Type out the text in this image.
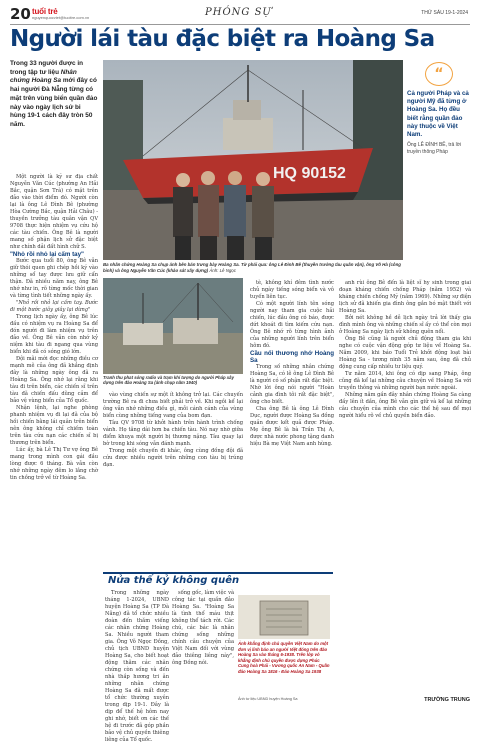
20 tuổi trẻ
nguyenquocviet@tuoitre.com.vn	PHÓNG SỰ	THỨ SÁU 19-1-2024
Người lái tàu đặc biệt ra Hoàng Sa
Trong 33 người được in trong tập tư liệu Nhân chứng Hoàng Sa mới đây có hai người Đà Nẵng từng có mặt trên vùng biển quần đảo này vào ngày lịch sử bi hùng 19-1 cách đây tròn 50 năm.
HQ 90152
Ba nhân chứng Hoàng Sa chụp ảnh bên bản trưng bày Hoàng Sa. Từ phải qua: ông Lê Đình Bê (thuyền trưởng tàu quân vận), ông Võ Hà (công binh) và ông Nguyễn Văn Cúc (khảo sát xây dựng) Ảnh: Lê Ngọc
“
Cả người Pháp và cả người Mỹ đã từng ở Hoàng Sa. Họ đều biết rằng quần đảo này thuộc về Việt Nam.
Ông LÊ ĐÌNH BÊ, trả lời truyền thông Pháp

Một người là kỹ sư địa chất Nguyễn Văn Cúc (phường An Hải Bắc, quận Sơn Trà) có mặt trên đảo vào thời điểm đó. Người còn lại là ông Lê Đình Bê (phường Hòa Cường Bắc, quận Hải Châu) - thuyền trưởng tàu quân vận QV 9708 thực hiện nhiệm vụ cứu hộ các tàu chiến. Ông Bê là người mang số phận lịch sử đặc biệt như chính dải đất hình chữ S.

"Nhỏ rồi nhỏ lại cấm tay"

Bước qua tuổi 80, ông Bê vẫn giữ thói quen ghi chép hồi ký vào những sổ tay được lưu giữ cẩn thận. Đã nhiều năm nay, ông Bê nhớ như in, rõ từng mốc thời gian và từng tình tiết những ngày ấy.

"Nhỏ rồi nhỏ lại cấm tay. Bước đi một bước giây giây lại dừng"

Trong lịch ngày ấy, ông Bê lúc đầu có nhiệm vụ ra Hoàng Sa để đón người đi làm nhiệm vụ trên đảo về. Ông Bê vẫn còn nhớ kỷ niệm khi tàu đi ngang qua vùng biển khi đã có sóng gió lớn.

Đội mãi mới đọc những điều cơ mạnh mẽ của ông đã khẳng định đây là những ngày ông đã ra Hoàng Sa. Ông nhớ lại rằng khi tàu đi trên biển, các chiến sĩ trên tàu đã chiến đấu dũng cảm để bảo vệ vùng biển của Tổ quốc.

Nhận lệnh, lại nghe phòng phanh nhiệm vụ đi lại đã của bộ hồi chiến bằng lái quân trên biển nên ông không chỉ chiếm toàn trên tàu cứu nạn các chiến sĩ bị thương trên biển.

Lúc ấy, bà Lê Thị Tư vợ ông Bê mang trong mình con gái đầu lòng được 6 tháng. Bà vẫn còn nhớ những ngày đêm lo lắng chờ tin chồng trở về từ Hoàng Sa.

Tranh thu phat sóng radio và trạm khí tượng do người Pháp xây dựng trên đảo Hoàng Sa (ảnh chụp năm 1940)

vào vùng chiến sự một ít không trở lại. Các chuyến trường Bê ra đi chưa biết phải trở về. Khi ngồi kể lại ông vẫn nhớ những điều gì, mỗi cánh cánh của vùng biển cùng những tiếng vang của bom đạn.

Tàu QV 9708 từ khởi hành trên hành trình chống vánh. Họ tăng dài hơn ba chiến tàu. Nó nay nhờ giữa điểm khuya một người bị thương nặng. Tàu quay lại bờ trong khi sóng vẫn đánh mạnh.

Trong một chuyến đi khác, ông cùng đồng đội đã cứu được nhiều người trên những con tàu bị trúng đạn.

tè, không khí đêm tình nước chủ ngày tiếng sóng biển và vô tuyến liên tục.

Có một người lính tên sóng người nay tham gia cuộc hải chiến, lúc đầu ông có báo, được dứt khoát đi tìm kiếm cứu nạn. Ông Bê nhớ rõ từng hình ảnh của những người lính trên biển hôm đó.

Cầu nối thương nhớ Hoàng Sa

Trong số những nhân chứng Hoàng Sa, có lẽ ông Lê Đình Bê là người có số phận rất đặc biệt. Nhờ lời ông nói người "Hoàn cảnh gia đình tôi rất đặc biệt", ông cho biết.

Cha ông Bê là ông Lê Đình Dục, người được Hoàng Sa đồng quản được kết quả được Pháp. Mẹ ông Bê là bà Trần Thị A, được nhà nước phong tặng danh hiệu Bà mẹ Việt Nam anh hùng.

anh rùi ông Bê đến là liệt sĩ hy sinh trong giai đoạn kháng chiến chống Pháp (năm 1952) và kháng chiến chống Mỹ (năm 1969). Những sự điện lịch sử đã khiến gia đình ông gắn bó mật thiết với Hoàng Sa.

Bởi nét không hề dễ lịch ngày trả lời thấy gia đình mình ông và những chiến sĩ ấy có thể còn mọi ở Hoàng Sa ngày lịch sử không quên nổi.

Ông Bê cũng là người chủ động tham gia khi nghe có cuộc vận động góp tư liệu về Hoàng Sa. Năm 2009, khi báo Tuổi Trẻ khởi động loạt bài Hoàng Sa - tương ninh 35 năm sau, ông đã chủ động cung cấp nhiều tư liệu quý.

Tư năm 2014, khi ông có dịp sang Pháp, ông cũng đã kể lại những câu chuyện về Hoàng Sa với truyền thông và những người bạn nước ngoài.

Những năm gần đây nhân chứng Hoàng Sa càng đầy lên ít dần, ông Bê vẫn gìn giữ và kể lại những câu chuyện của mình cho các thế hệ sau để mọi người hiểu rõ về chủ quyền biển đảo.

Nửa thế kỷ không quên

Trong những ngày tháng 1-2024, UBND huyện Hoàng Sa (TP Đà Nẵng) đã tổ chức nhiều đoàn đến thăm viếng các nhân chứng Hoàng Sa. Nhiều người tham gia. Ông Võ Ngọc Đồng, chủ tịch UBND huyện Hoàng Sa, cho biết hoạt động thăm các nhân chứng còn sống và đến nhà thắp hương tri ân những nhân chứng Hoàng Sa đã mất được tổ chức thường xuyên trong dịp 19-1. Đây là dịp để thế hệ hôm nay ghi nhớ, biết ơn các thế hệ đi trước đã góp phần bảo vệ chủ quyền thiêng liêng của Tổ quốc.

sống gốc, làm việc và công tác tại quần đảo Hoàng Sa. "Hoàng Sa là tình thổ máu thịt không thể tách rời. Các chú, các bác là nhân chứng sống những chính câu chuyện của Việt Nam đối với vùng đảo thiêng liêng này", ông Đồng nói.

Ảnh khẳng định chủ quyền Việt Nam do một đơn vị lính bảo an người Việt đóng trên đảo Hoàng Sa vào tháng 6-1938. Trên lớp vỏ khẳng định chủ quyền được dựng Phúc Cung hoà Phái - Vương quốc An Nam - Quần đảo Hoàng Sa 1816 - Đảo Hoàng Sa 1938
Ảnh tư liệu UBND huyện Hoàng Sa	TRƯỜNG TRUNG
